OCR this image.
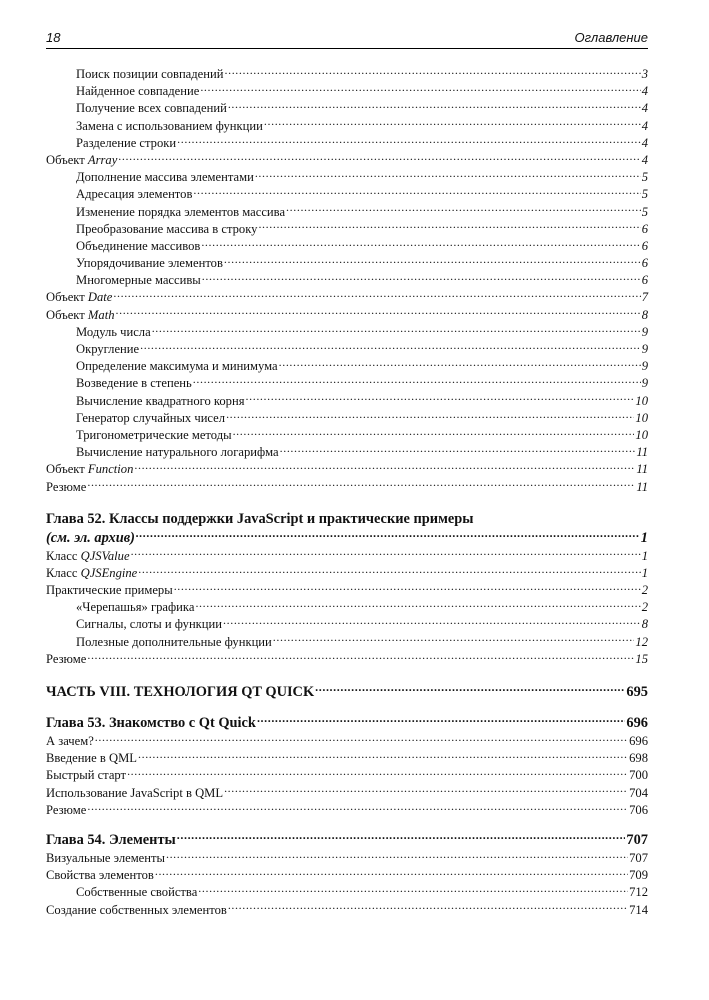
18	Оглавление
Поиск позиции совпадений .....	3
Найденное совпадение .....	4
Получение всех совпадений .....	4
Замена с использованием функции .....	4
Разделение строки .....	4
Объект Array .....	4
Дополнение массива элементами .....	5
Адресация элементов .....	5
Изменение порядка элементов массива .....	5
Преобразование массива в строку .....	6
Объединение массивов .....	6
Упорядочивание элементов .....	6
Многомерные массивы .....	6
Объект Date .....	7
Объект Math .....	8
Модуль числа .....	9
Округление .....	9
Определение максимума и минимума .....	9
Возведение в степень .....	9
Вычисление квадратного корня .....	10
Генератор случайных чисел .....	10
Тригонометрические методы .....	10
Вычисление натурального логарифма .....	11
Объект Function .....	11
Резюме .....	11
Глава 52. Классы поддержки JavaScript и практические примеры
(см. эл. архив) .....	1
Класс QJSValue .....	1
Класс QJSEngine .....	1
Практические примеры .....	2
«Черепашья» графика .....	2
Сигналы, слоты и функции .....	8
Полезные дополнительные функции .....	12
Резюме .....	15
ЧАСТЬ VIII. ТЕХНОЛОГИЯ QT QUICK .....	695
Глава 53. Знакомство с Qt Quick .....	696
А зачем? .....	696
Введение в QML .....	698
Быстрый старт .....	700
Использование JavaScript в QML .....	704
Резюме .....	706
Глава 54. Элементы .....	707
Визуальные элементы .....	707
Свойства элементов .....	709
Собственные свойства .....	712
Создание собственных элементов .....	714
